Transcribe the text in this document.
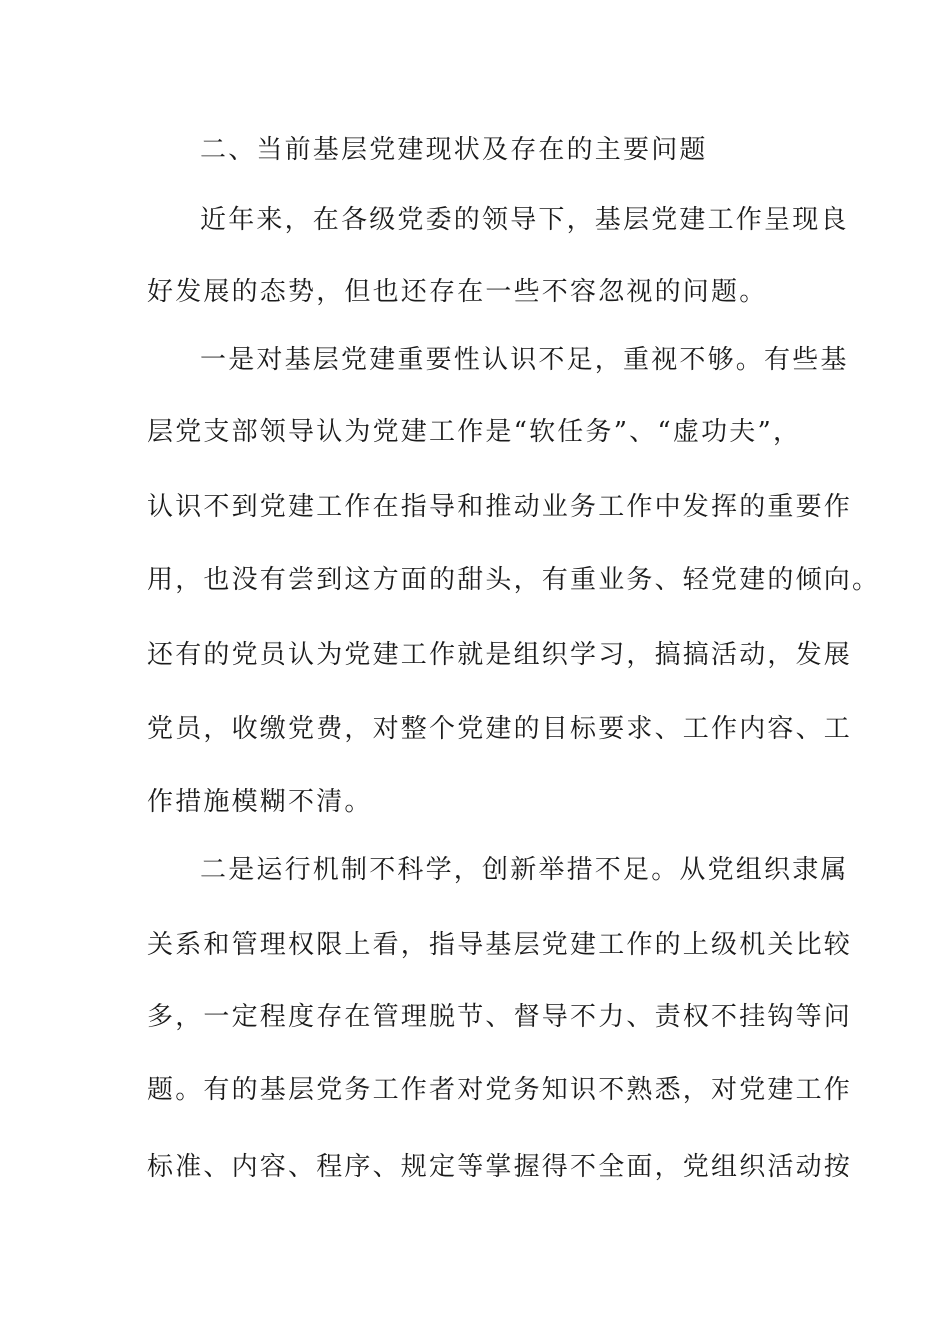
二、当前基层党建现状及存在的主要问题
近年来，在各级党委的领导下，基层党建工作呈现良
好发展的态势，但也还存在一些不容忽视的问题。
一是对基层党建重要性认识不足，重视不够。有些基
层党支部领导认为党建工作是“软任务”、“虚功夫”，
认识不到党建工作在指导和推动业务工作中发挥的重要作
用，也没有尝到这方面的甜头，有重业务、轻党建的倾向。
还有的党员认为党建工作就是组织学习，搞搞活动，发展
党员，收缴党费，对整个党建的目标要求、工作内容、工
作措施模糊不清。
二是运行机制不科学，创新举措不足。从党组织隶属
关系和管理权限上看，指导基层党建工作的上级机关比较
多，一定程度存在管理脱节、督导不力、责权不挂钩等问
题。有的基层党务工作者对党务知识不熟悉，对党建工作
标准、内容、程序、规定等掌握得不全面，党组织活动按
